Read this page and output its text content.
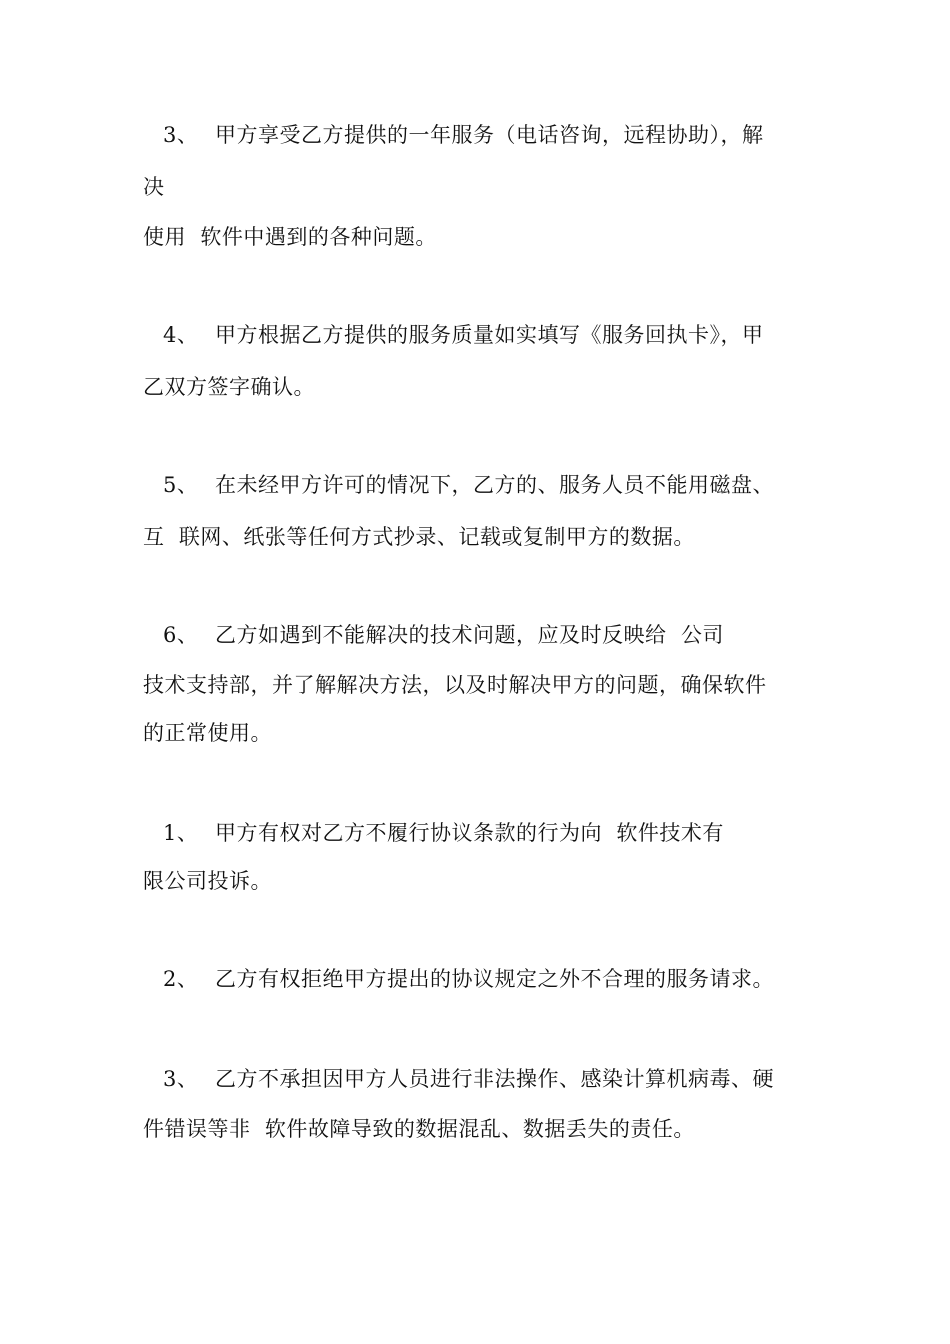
3、 甲方享受乙方提供的一年服务（电话咨询，远程协助），解
决
使用  软件中遇到的各种问题。
4、 甲方根据乙方提供的服务质量如实填写《服务回执卡》，甲
乙双方签字确认。
5、 在未经甲方许可的情况下，乙方的、服务人员不能用磁盘、
互  联网、纸张等任何方式抄录、记载或复制甲方的数据。
6、 乙方如遇到不能解决的技术问题，应及时反映给  公司
技术支持部，并了解解决方法，以及时解决甲方的问题，确保软件
的正常使用。
1、 甲方有权对乙方不履行协议条款的行为向  软件技术有
限公司投诉。
2、 乙方有权拒绝甲方提出的协议规定之外不合理的服务请求。
3、 乙方不承担因甲方人员进行非法操作、感染计算机病毒、硬
件错误等非  软件故障导致的数据混乱、数据丢失的责任。
